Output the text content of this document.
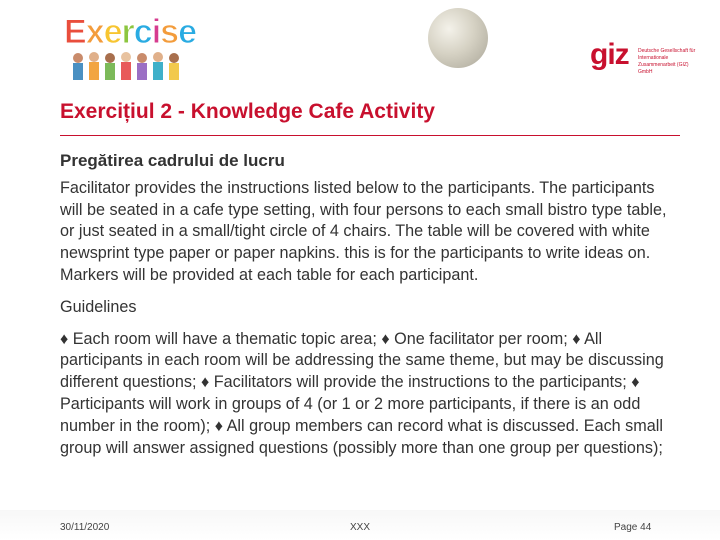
Exercise
giz Deutsche Gesellschaft für Internationale Zusammenarbeit (GIZ) GmbH
Exercițiul 2 - Knowledge Cafe Activity

Pregătirea cadrului de lucru

Facilitator provides the instructions listed below to the participants. The participants will be seated in a cafe type setting, with four persons to each small bistro type table, or just seated in a small/tight circle of 4 chairs. The table will be covered with white newsprint type paper or paper napkins. this is for the participants to write ideas on. Markers will be provided at each table for each participant.

Guidelines

♦ Each room will have a thematic topic area; ♦ One facilitator per room; ♦ All participants in each room will be addressing the same theme, but may be discussing different questions; ♦ Facilitators will provide the instructions to the participants; ♦ Participants will work in groups of 4 (or 1 or 2 more participants, if there is an odd number in the room); ♦ All group members can record what is discussed. Each small group will answer assigned questions (possibly more than one group per questions);

30/11/2020	XXX	Page 44
